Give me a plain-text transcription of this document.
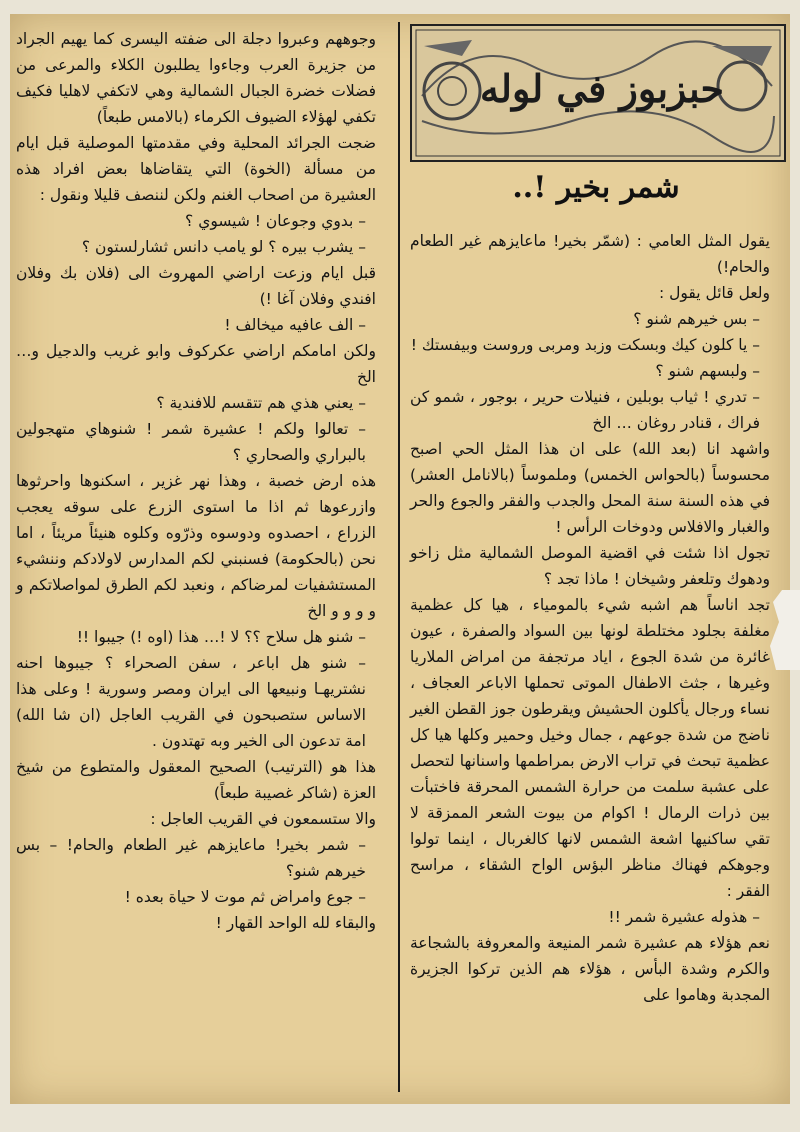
حبزبوز في لوله
شمر بخير !..

يقول المثل العامي : (شمّر بخير! ماعايزهم غير الطعام والحام!)

ولعل قائل يقول :

– بس خيرهم شنو ؟

– يا كلون كيك وبسكت وزبد ومربى وروست وبيفستك !

– ولبسهم شنو ؟

– تدري ! ثياب بوبلين ، فنيلات حرير ، بوجور ، شمو كن فراك ، قنادر روغان … الخ

واشهد انا (بعد الله) على ان هذا المثل الحي اصبح محسوساً (بالحواس الخمس) وملموساً (بالانامل العشر) في هذه السنة سنة المحل والجدب والفقر والجوع والحر والغبار والافلاس ودوخات الرأس !

تجول اذا شئت في اقضية الموصل الشمالية مثل زاخو ودهوك وتلعفر وشيخان ! ماذا تجد ؟

تجد اناساً هم اشبه شيء بالمومياء ، هيا كل عظمية مغلفة بجلود مختلطة لونها بين السواد والصفرة ، عيون غائرة من شدة الجوع ، اياد مرتجفة من امراض الملاريا وغيرها ، جثث الاطفال الموتى تحملها الاباعر العجاف ، نساء ورجال يأكلون الحشيش ويقرطون جوز القطن الغير ناضج من شدة جوعهم ، جمال وخيل وحمير وكلها هيا كل عظمية تبحث في تراب الارض بمراطمها واسنانها لتحصل على عشبة سلمت من حرارة الشمس المحرقة فاختبأت بين ذرات الرمال ! اكوام من بيوت الشعر الممزقة لا تقي ساكنيها اشعة الشمس لانها كالغربال ، اينما تولوا وجوهكم فهناك مناظر البؤس الواح الشقاء ، مراسح الفقر :

– هذوله عشيرة شمر !!

نعم هؤلاء هم عشيرة شمر المنيعة والمعروفة بالشجاعة والكرم وشدة البأس ، هؤلاء هم الذين تركوا الجزيرة المجدبة وهاموا على

وجوههم وعبروا دجلة الى ضفته اليسرى كما يهيم الجراد من جزيرة العرب وجاءوا يطلبون الكلاء والمرعى من فضلات خضرة الجبال الشمالية وهي لاتكفي لاهليا فكيف تكفي لهؤلاء الضيوف الكرماء (بالامس طبعاً)

ضجت الجرائد المحلية وفي مقدمتها الموصلية قبل ايام من مسألة (الخوة) التي يتقاضاها بعض افراد هذه العشيرة من اصحاب الغنم ولكن لننصف قليلا ونقول :

– بدوي وجوعان ! شيسوي ؟

– يشرب بيره ؟ لو يامب دانس ثشارلستون ؟

قبل ايام وزعت اراضي المهروث الى (فلان بك وفلان افندي وفلان آغا !)

– الف عافيه ميخالف !

ولكن امامكم اراضي عكركوف وابو غريب والدجيل و… الخ

– يعني هذي هم تتقسم للافندية ؟

– تعالوا ولكم ! عشيرة شمر ! شنوهاي متهجولين بالبراري والصحاري ؟

هذه ارض خصبة ، وهذا نهر غزير ، اسكنوها واحرثوها وازرعوها ثم اذا ما استوى الزرع على سوقه يعجب الزراع ، احصدوه ودوسوه وذرّوه وكلوه هنيئاً مريئاً ، اما نحن (بالحكومة) فسنبني لكم المدارس لاولادكم وننشيء المستشفيات لمرضاكم ، ونعبد لكم الطرق لمواصلاتكم و و و و و الخ

– شنو هل سلاح ؟؟ لا !… هذا (اوه !) جيبوا !!

– شنو هل اباعر ، سفن الصحراء ؟ جيبوها احنه نشتريهـا ونبيعها الى ايران ومصر وسورية ! وعلى هذا الاساس ستصبحون في القريب العاجل (ان شا الله) امة تدعون الى الخير وبه تهتدون .

هذا هو (الترتيب) الصحيح المعقول والمتطوع من شيخ العزة (شاكر غصيبة طبعاً)

والا ستسمعون في القريب العاجل :

– شمر بخير! ماعايزهم غير الطعام والحام! – بس خيرهم شنو؟

– جوع وامراض ثم موت لا حياة بعده !

والبقاء لله الواحد القهار !
